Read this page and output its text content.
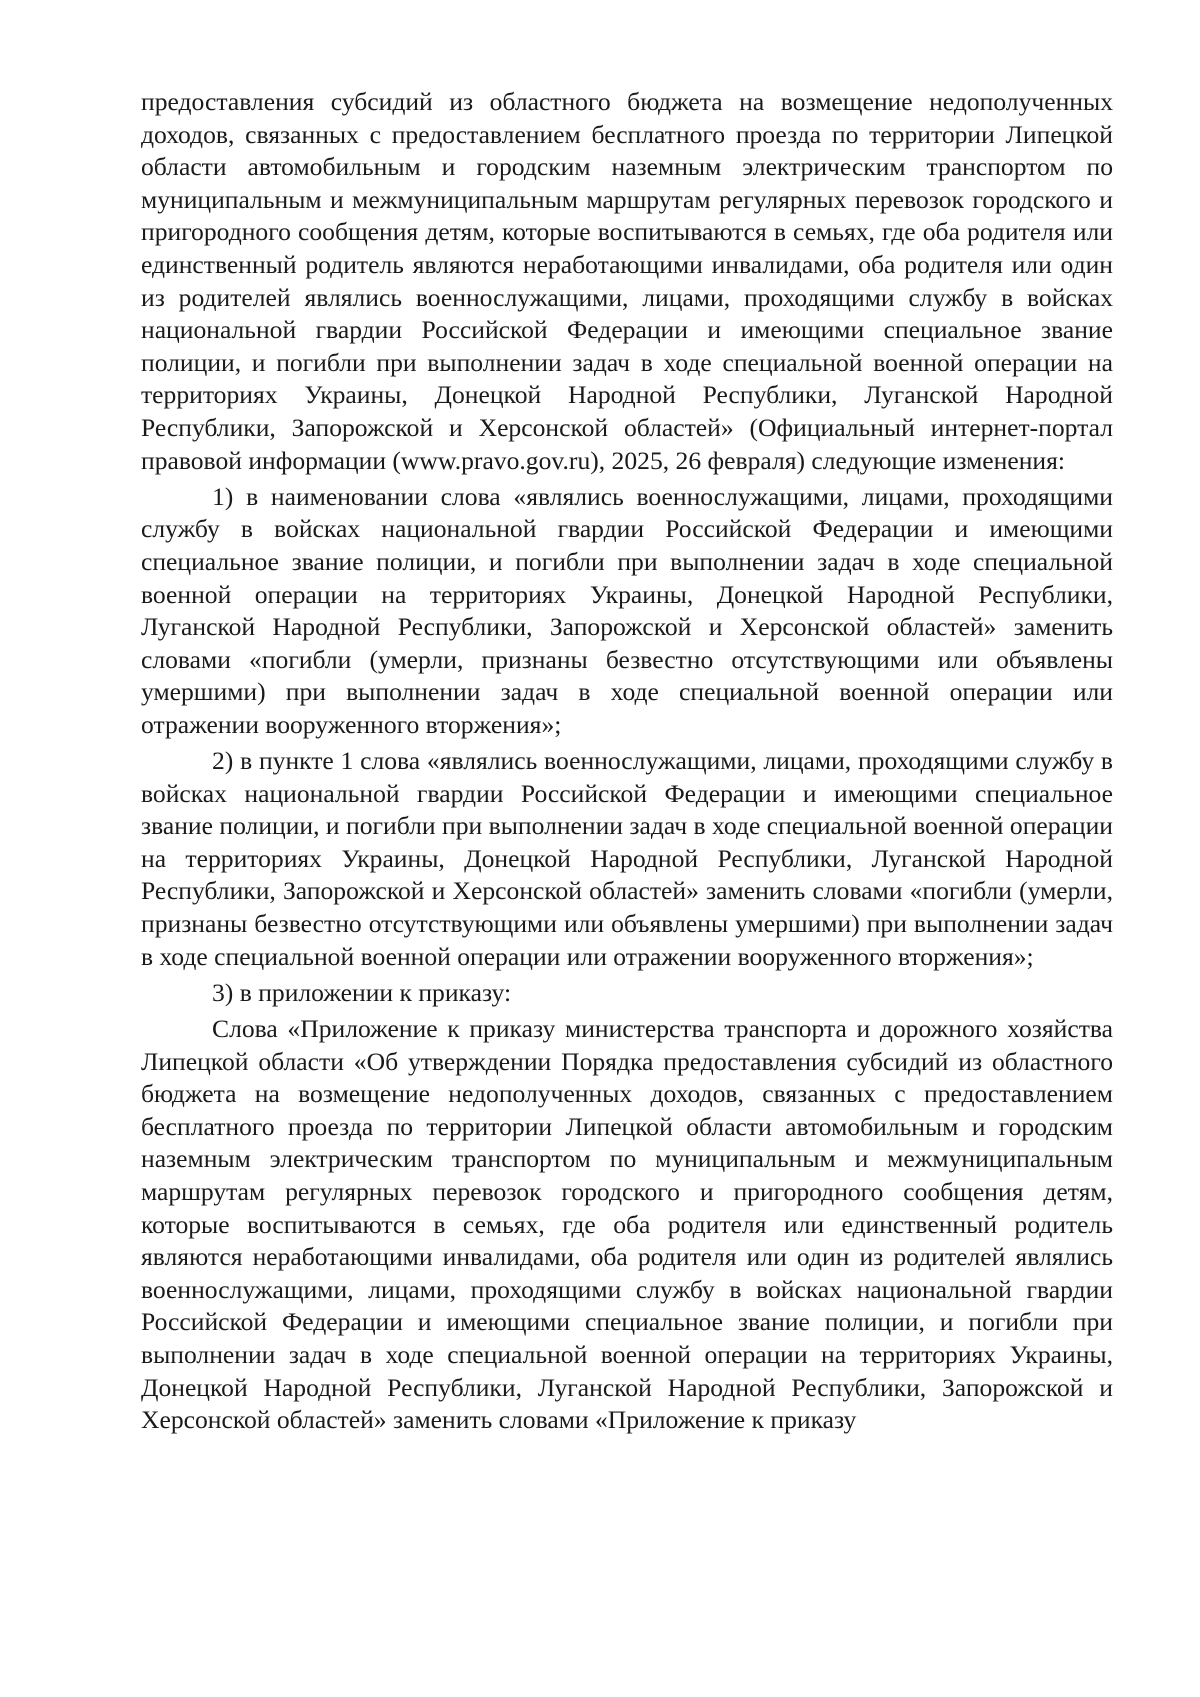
предоставления субсидий из областного бюджета на возмещение недополученных доходов, связанных с предоставлением бесплатного проезда по территории Липецкой области автомобильным и городским наземным электрическим транспортом по муниципальным и межмуниципальным маршрутам регулярных перевозок городского и пригородного сообщения детям, которые воспитываются в семьях, где оба родителя или единственный родитель являются неработающими инвалидами, оба родителя или один из родителей являлись военнослужащими, лицами, проходящими службу в войсках национальной гвардии Российской Федерации и имеющими специальное звание полиции, и погибли при выполнении задач в ходе специальной военной операции на территориях Украины, Донецкой Народной Республики, Луганской Народной Республики, Запорожской и Херсонской областей» (Официальный интернет-портал правовой информации (www.pravo.gov.ru), 2025, 26 февраля) следующие изменения:

1) в наименовании слова «являлись военнослужащими, лицами, проходящими службу в войсках национальной гвардии Российской Федерации и имеющими специальное звание полиции, и погибли при выполнении задач в ходе специальной военной операции на территориях Украины, Донецкой Народной Республики, Луганской Народной Республики, Запорожской и Херсонской областей» заменить словами «погибли (умерли, признаны безвестно отсутствующими или объявлены умершими) при выполнении задач в ходе специальной военной операции или отражении вооруженного вторжения»;

2) в пункте 1 слова «являлись военнослужащими, лицами, проходящими службу в войсках национальной гвардии Российской Федерации и имеющими специальное звание полиции, и погибли при выполнении задач в ходе специальной военной операции на территориях Украины, Донецкой Народной Республики, Луганской Народной Республики, Запорожской и Херсонской областей» заменить словами «погибли (умерли, признаны безвестно отсутствующими или объявлены умершими) при выполнении задач в ходе специальной военной операции или отражении вооруженного вторжения»;

3) в приложении к приказу:

Слова «Приложение к приказу министерства транспорта и дорожного хозяйства Липецкой области «Об утверждении Порядка предоставления субсидий из областного бюджета на возмещение недополученных доходов, связанных с предоставлением бесплатного проезда по территории Липецкой области автомобильным и городским наземным электрическим транспортом по муниципальным и межмуниципальным маршрутам регулярных перевозок городского и пригородного сообщения детям, которые воспитываются в семьях, где оба родителя или единственный родитель являются неработающими инвалидами, оба родителя или один из родителей являлись военнослужащими, лицами, проходящими службу в войсках национальной гвардии Российской Федерации и имеющими специальное звание полиции, и погибли при выполнении задач в ходе специальной военной операции на территориях Украины, Донецкой Народной Республики, Луганской Народной Республики, Запорожской и Херсонской областей» заменить словами «Приложение к приказу
